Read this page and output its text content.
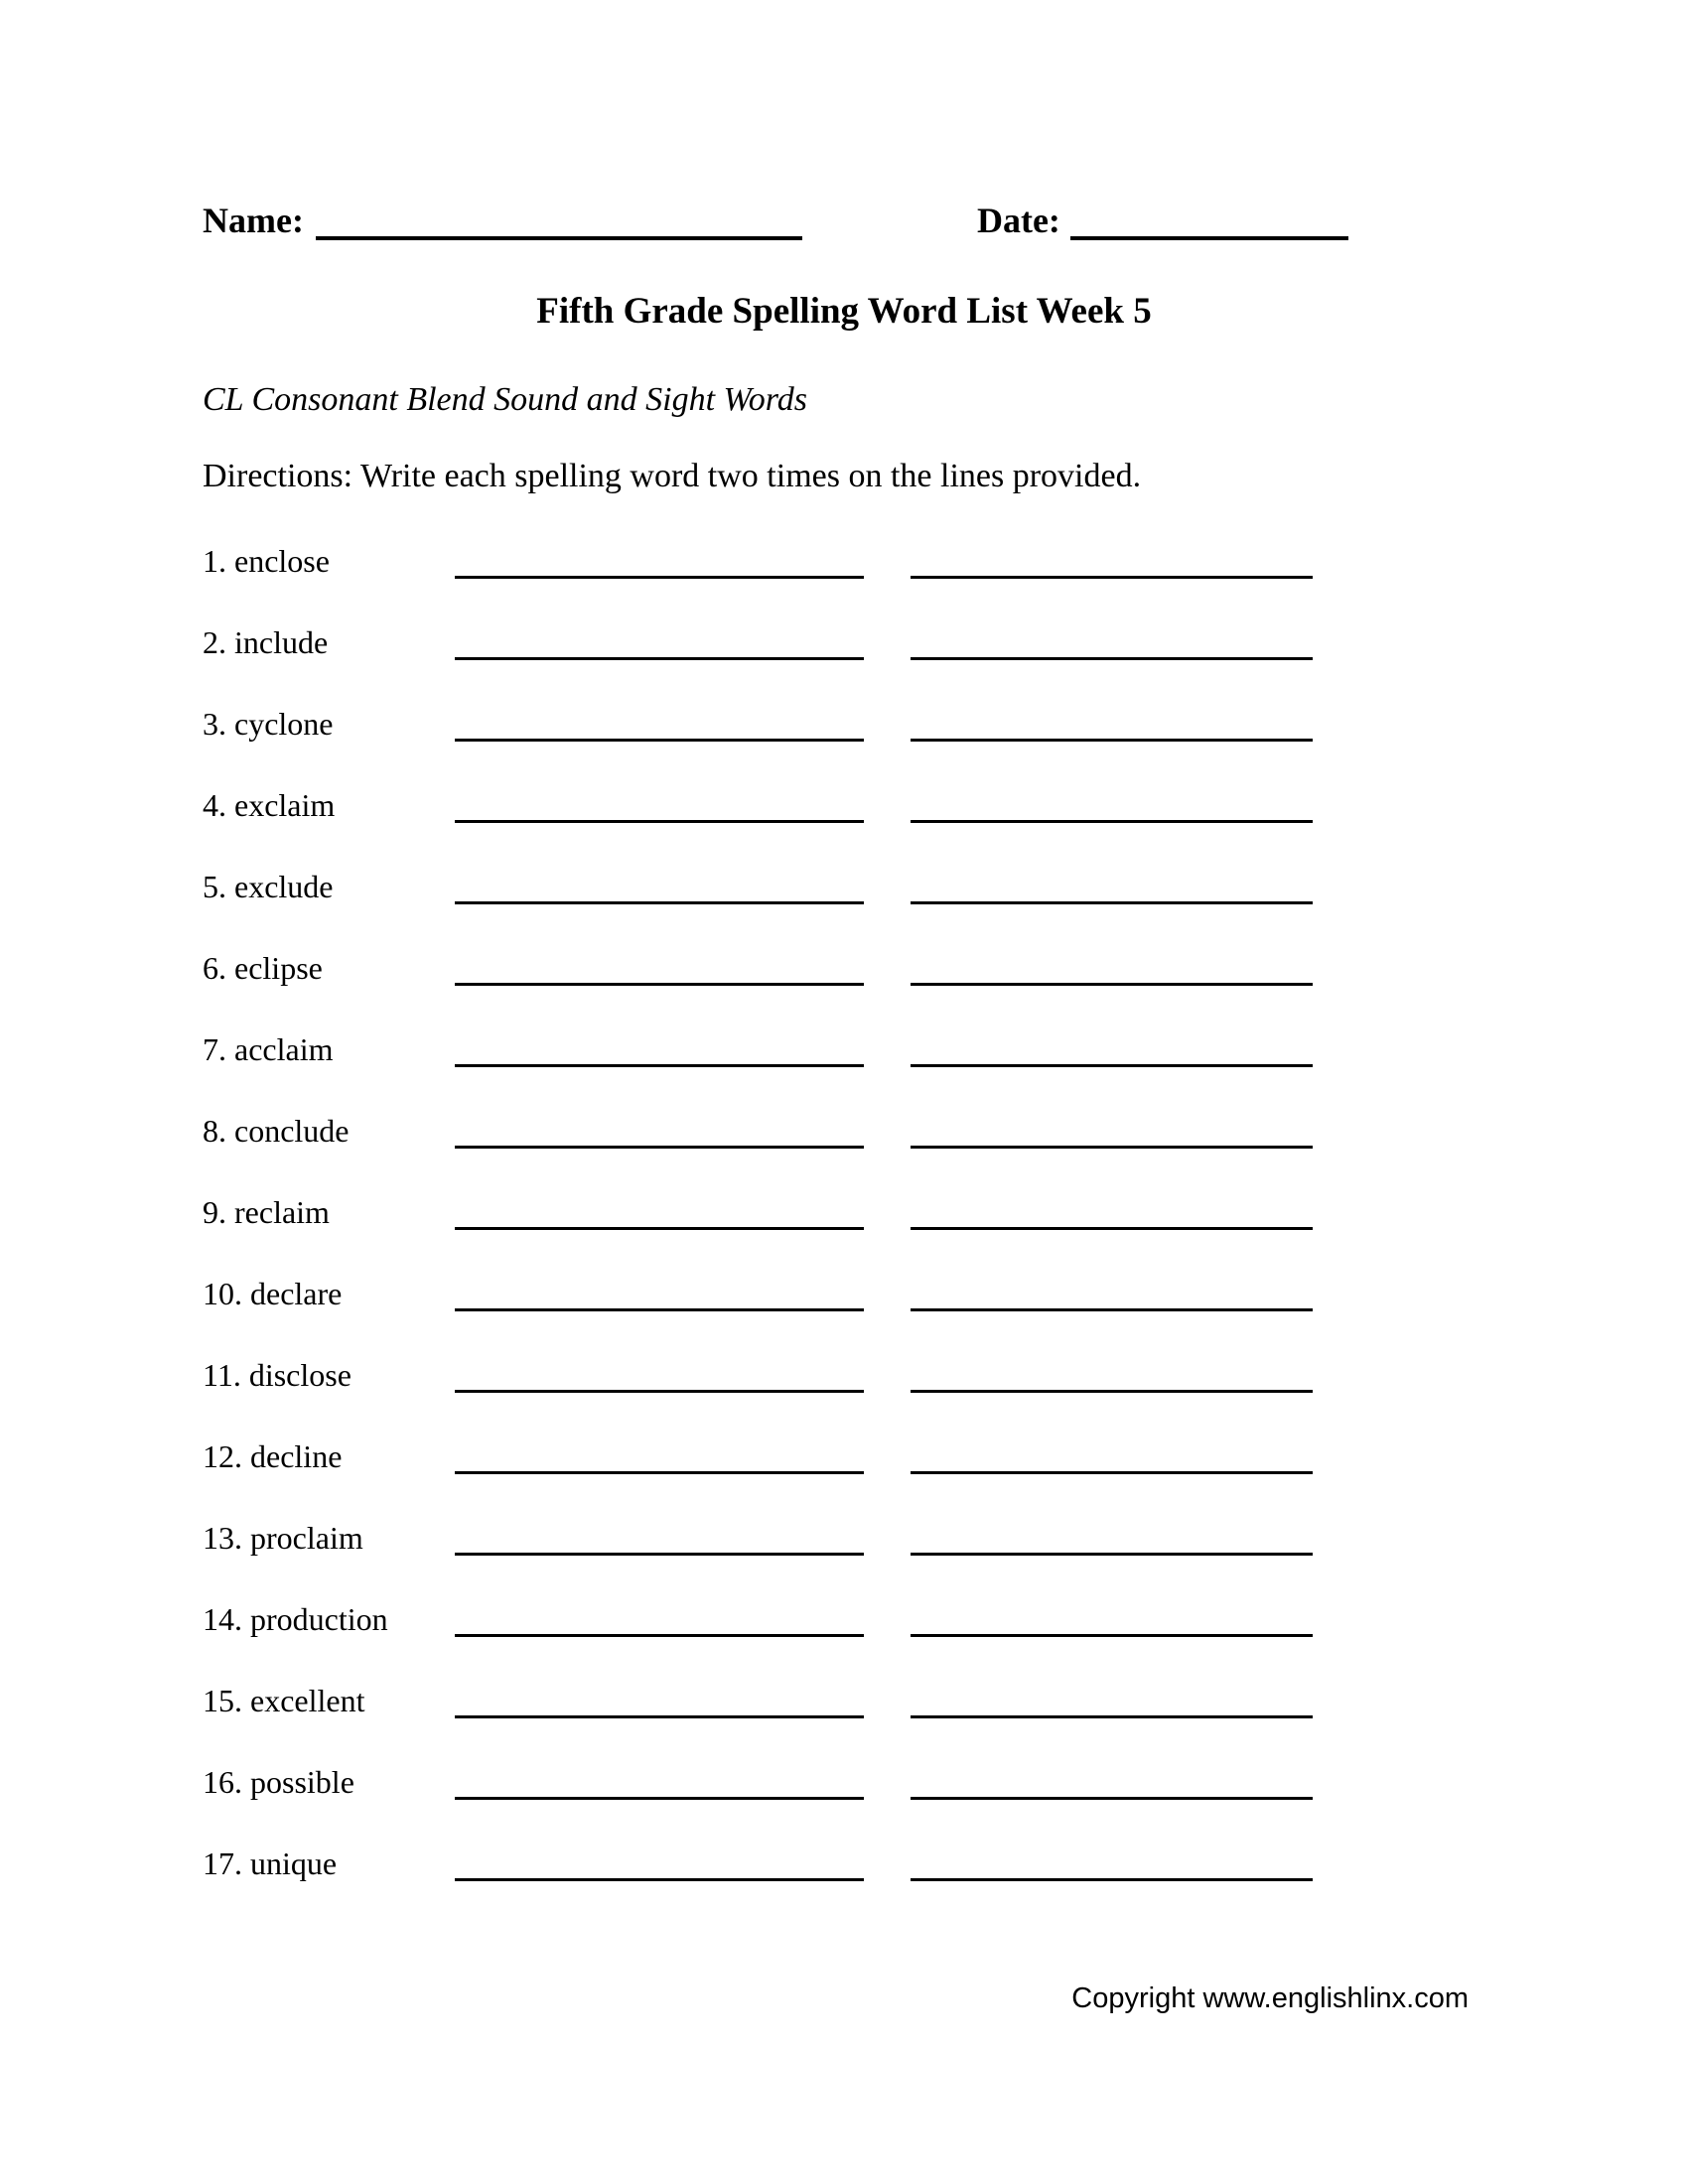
Name:	Date:
Fifth Grade Spelling Word List Week 5
CL Consonant Blend Sound and Sight Words
Directions: Write each spelling word two times on the lines provided.
1. enclose
2. include
3. cyclone
4. exclaim
5. exclude
6. eclipse
7. acclaim
8. conclude
9. reclaim
10. declare
11. disclose
12. decline
13. proclaim
14. production
15. excellent
16. possible
17. unique
Copyright www.englishlinx.com
